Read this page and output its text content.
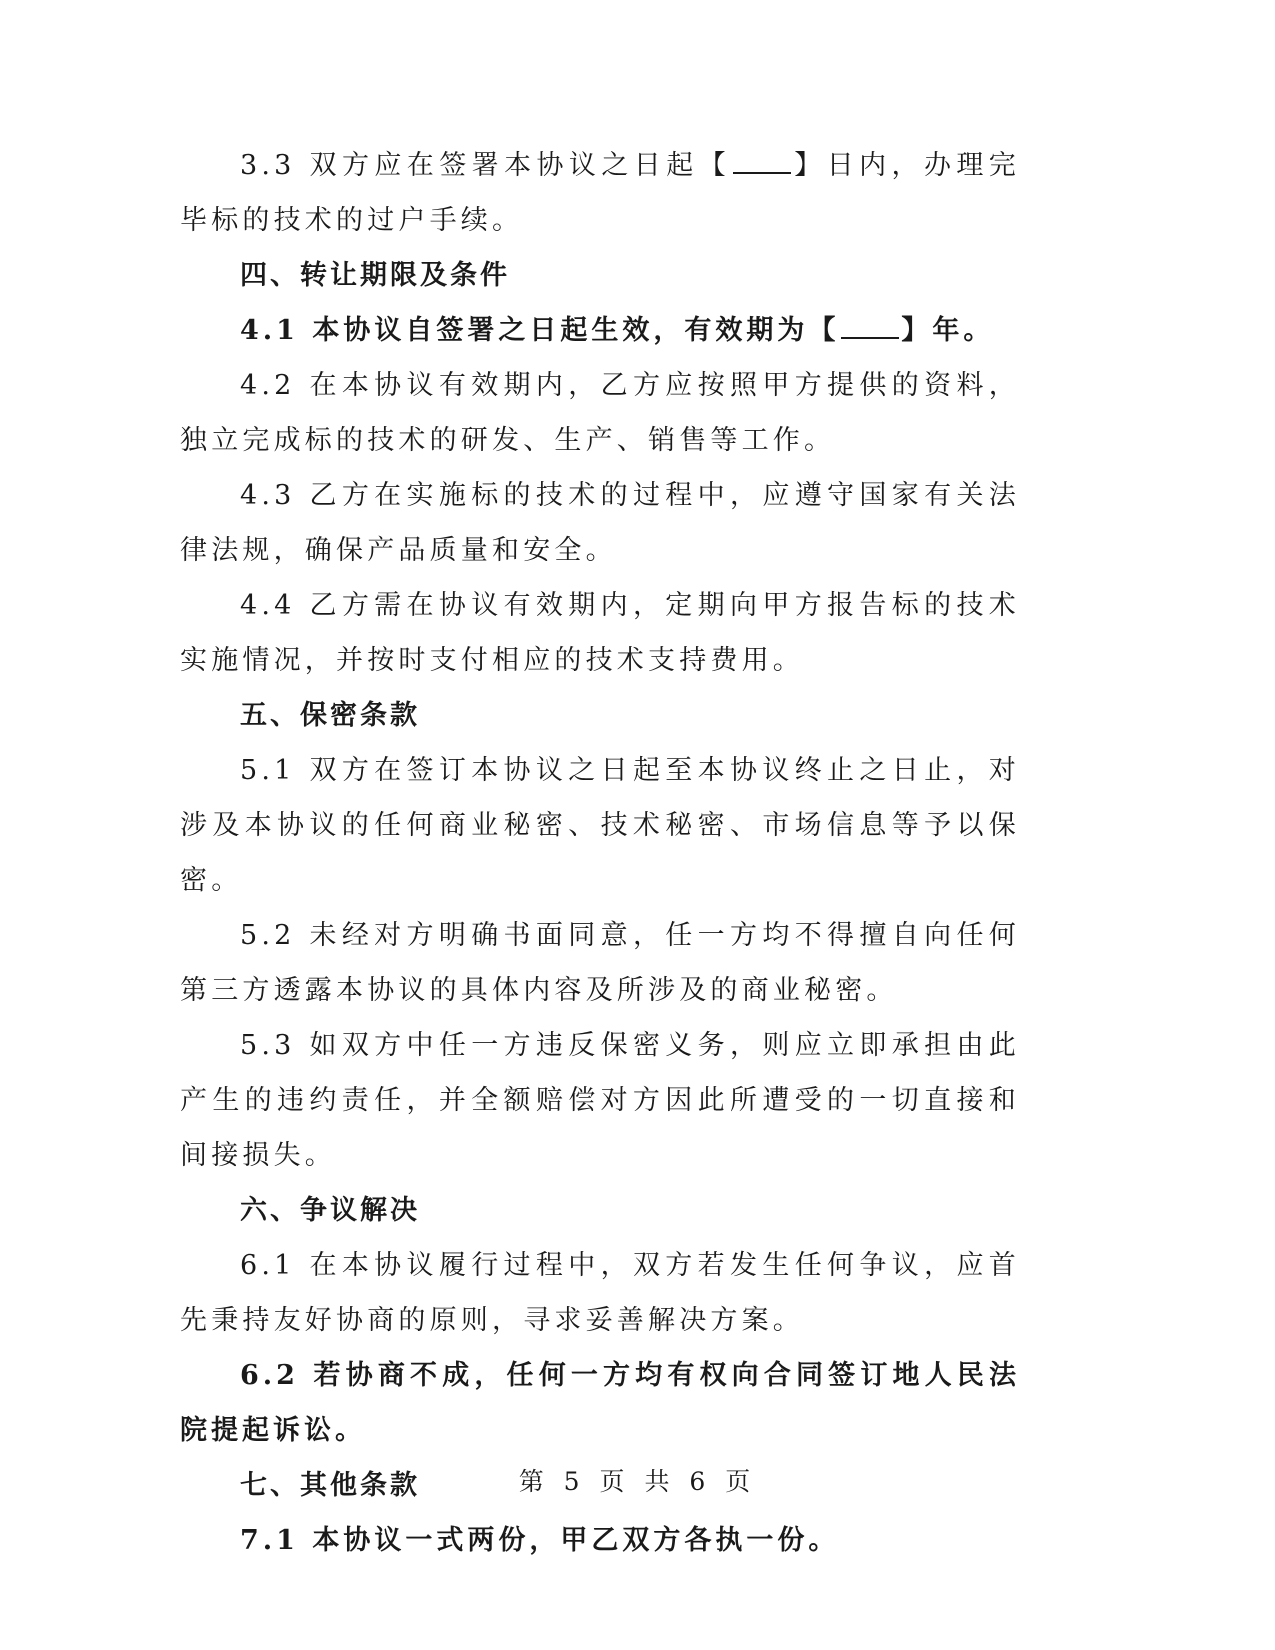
3.3 双方应在签署本协议之日起【 】日内，办理完毕标的技术的过户手续。

四、转让期限及条件

4.1 本协议自签署之日起生效，有效期为【 】年。

4.2 在本协议有效期内，乙方应按照甲方提供的资料，独立完成标的技术的研发、生产、销售等工作。

4.3 乙方在实施标的技术的过程中，应遵守国家有关法律法规，确保产品质量和安全。

4.4 乙方需在协议有效期内，定期向甲方报告标的技术实施情况，并按时支付相应的技术支持费用。

五、保密条款

5.1 双方在签订本协议之日起至本协议终止之日止，对涉及本协议的任何商业秘密、技术秘密、市场信息等予以保密。

5.2 未经对方明确书面同意，任一方均不得擅自向任何第三方透露本协议的具体内容及所涉及的商业秘密。

5.3 如双方中任一方违反保密义务，则应立即承担由此产生的违约责任，并全额赔偿对方因此所遭受的一切直接和间接损失。

六、争议解决

6.1 在本协议履行过程中，双方若发生任何争议，应首先秉持友好协商的原则，寻求妥善解决方案。

6.2 若协商不成，任何一方均有权向合同签订地人民法院提起诉讼。

七、其他条款

7.1 本协议一式两份，甲乙双方各执一份。

第 5 页 共 6 页
